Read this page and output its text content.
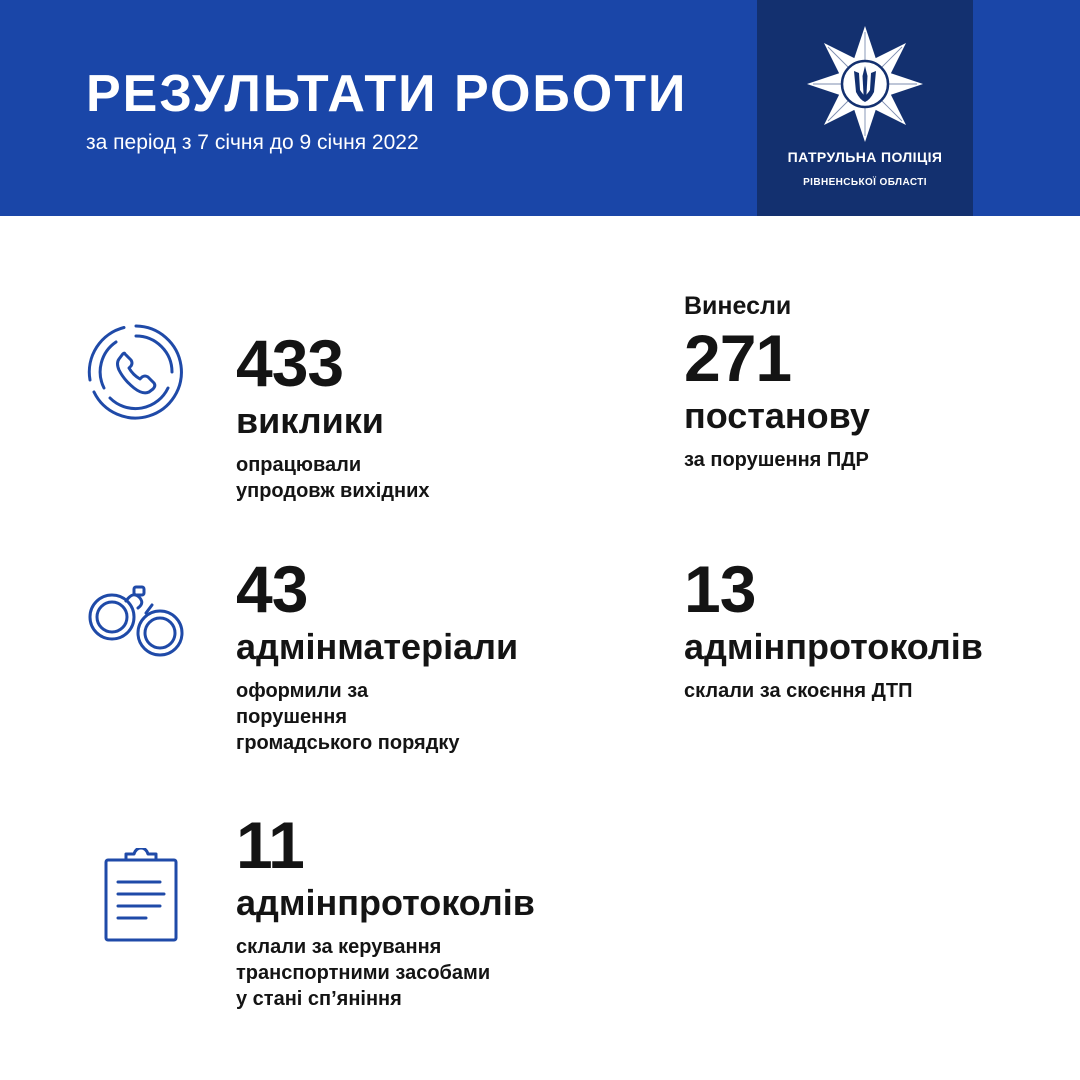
РЕЗУЛЬТАТИ РОБОТИ
за період з 7 січня до 9 січня 2022
ПАТРУЛЬНА ПОЛІЦІЯ
РІВНЕНСЬКОЇ ОБЛАСТІ
433
виклики
опрацювали
упродовж вихідних
Винесли
271
постанову
за порушення ПДР
43
адмінматеріали
оформили за
порушення
громадського порядку
13
адмінпротоколів
склали за скоєння ДТП
11
адмінпротоколів
склали за керування
транспортними засобами
у стані сп’яніння
